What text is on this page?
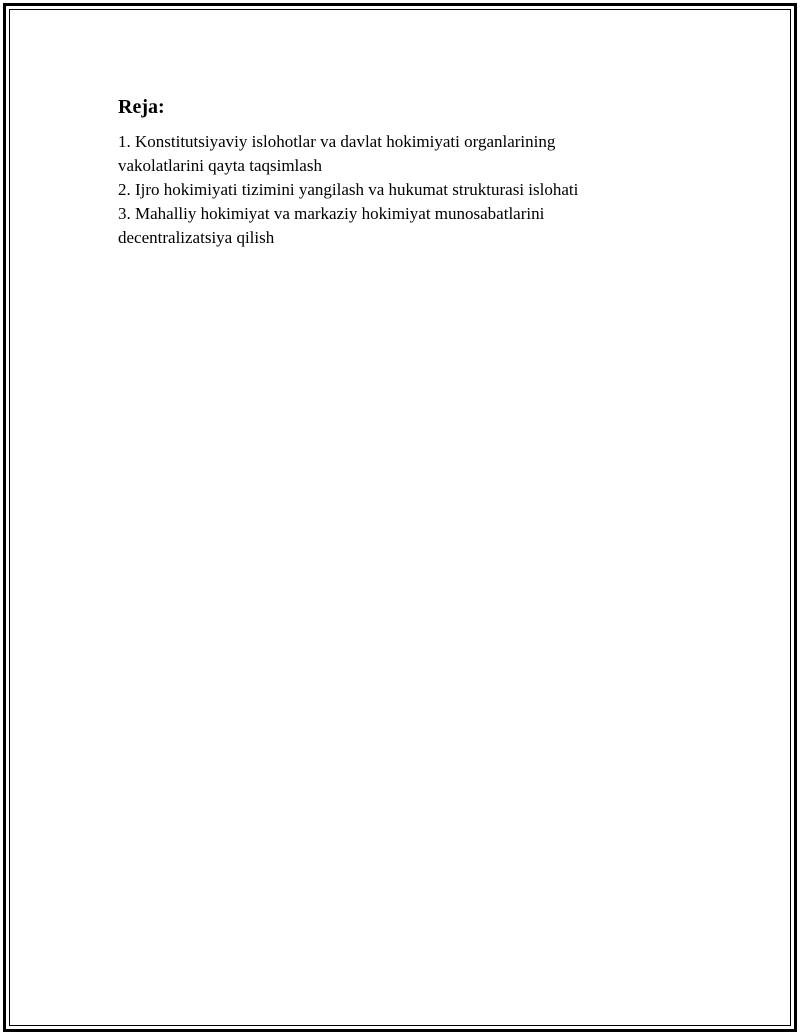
Reja:
1. Konstitutsiyaviy islohotlar va davlat hokimiyati organlarining vakolatlarini qayta taqsimlash
2. Ijro hokimiyati tizimini yangilash va hukumat strukturasi islohati
3. Mahalliy hokimiyat va markaziy hokimiyat munosabatlarini decentralizatsiya qilish
